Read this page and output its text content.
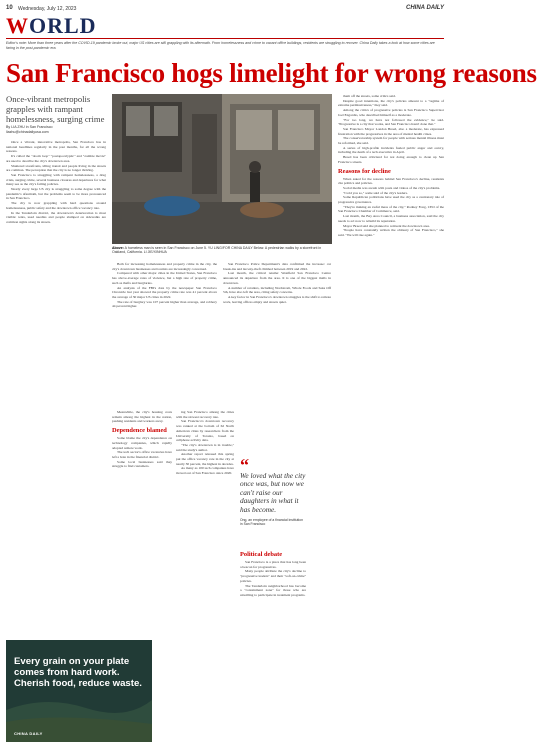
10 Wednesday, July 12, 2023	CHINA DAILY
WORLD
Editor's note: More than three years after the COVID-19 pandemic broke out, major US cities are still grappling with its aftermath. From homelessness and crime to vacant office buildings, residents are struggling to recover. China Daily takes a look at how some cities are faring in the post-pandemic era.
San Francisco hogs limelight for wrong reasons
Once-vibrant metropolis grapples with rampant homelessness, surging crime
By LIA ZHU in San Francisco
liazhu@chinadailyusa.com

Once a vibrant, innovative metropolis, San Francisco has in national headlines regularly in the past months, for all the wrong reasons.

It's called the "doom loop" "postapocalyptic" and "zombie movie" are used to describe the city's downtown area.

Shuttered storefronts, idling transit and people living in the streets are common. The perception that the city is no longer thriving.

San Francisco is struggling with rampant homelessness, a drug crisis, surging crime, several business closures and departures for what many see as the city's failing policies.

Nearly every large US city is struggling to some degree with the pandemic's aftermath, but the problems seem to be more pronounced in San Francisco.

The city is now grappling with hard questions around homelessness, public safety and the downtown office vacancy rate.

In the Tenderloin district, the downtown's deterioration is most visible: tents, used needles and people slumped on sidewalks are common sights along its streets.

Both for increasing homelessness and property crime in the city, the city's downtown businesses and tourists are increasingly concerned.

Compared with other major cities in the United States, San Francisco has above-average rates of violence, but a high rate of property crime, such as thefts and burglaries.

An analysis of the FBI's data by the newspaper San Francisco Chronicle last year showed the property crime rate was 41 percent above the average of 30 major US cities in 2022.

The rate of burglary was 107 percent higher than average, and robbery 44 percent higher.

San Francisco Police Department's data confirmed the increase: car break-ins and larceny-theft climbed between 2019 and 2022.

Last month, the critical retailer Westfield San Francisco Centre announced its departure from the area. It is one of the biggest malls in downtown.

A number of retailers, including Nordstrom, Whole Foods and Saks Off 5th, have also left the area, citing safety concerns.

A key factor in San Francisco's downtown struggles is the shift to remote work, leaving offices empty and streets quiet.

Meanwhile, the city's housing costs remain among the highest in the nation, pushing residents and workers away.

Dependence blamed

Some blame the city's dependence on technology companies, which rapidly adopted remote work.

The tech sector's office vacancies have left a hole in the financial district.

Some local businesses said they struggle to find customers.

ing San Francisco among the cities with the slowest recovery rate.

San Francisco's downtown recovery was ranked at the bottom of 62 North American cities by researchers from the University of Toronto, based on cellphone activity data.

"The city's downtown is in trouble," said the study's author.

Another report released this spring put the office vacancy rate in the city at nearly 30 percent, the highest in decades.

As many as 100 tech companies have moved out of San Francisco since 2020.

Political debate

San Francisco is a place that has long been a beacon for progressives.

Many people attribute the city's decline to "progressive leaders" and their "soft-on-crime" policies.

The Tenderloin neighborhood has become a "containment zone" for those who are unwilling to participate in treatment programs.

them off the streets, some critics said.

Despite good intentions, the city's policies amount to a "regime of extreme permissiveness," they said.

Among the critics of progressive policies is San Francisco Supervisor Joel Engardio, who described himself as a moderate.

"For too long, we have not followed the evidence," he said. "Progressive is a city that works, and San Francisco hasn't done that."

San Francisco Mayor London Breed, also a moderate, has expressed frustration with the progressives in the area of mental health crises.

The conservatorship system for people with serious mental illness must be reformed, she said.

A series of high-profile incidents fueled public anger and outcry, including the death of a tech executive in April.

Breed has been criticized for not doing enough to clean up San Francisco streets.

Reasons for decline

When asked for the reasons behind San Francisco's decline, residents cite politics and policies.

Social media was awash with posts and videos of the city's problems.

"I told you so," some said of the city's leaders.

Some Republican politicians have used the city as a cautionary tale of progressive governance.

"They're making an awful mess of the city," Rodney Fong, CEO of the San Francisco Chamber of Commerce, said.

Last month, the Bay Area Council, a business association, said the city needs to act now to rebuild its reputation.

Mayor Breed said she planned to reinvent the downtown area.

"People have constantly written the obituary of San Francisco," she said. "We will rise again."

Above: A homeless man is seen in San Francisco on June 5. YU LING/FOR CHINA DAILY Below: A pedestrian walks by a storefront in Oakland, California. LI JIE/XINHUA
“
We loved what the city once was, but now we can't raise our daughters in what it has become.
Ong, an employee of a financial institution in San Francisco
Every grain on your plate comes from hard work. Cherish food, reduce waste.
CHINA DAILY
